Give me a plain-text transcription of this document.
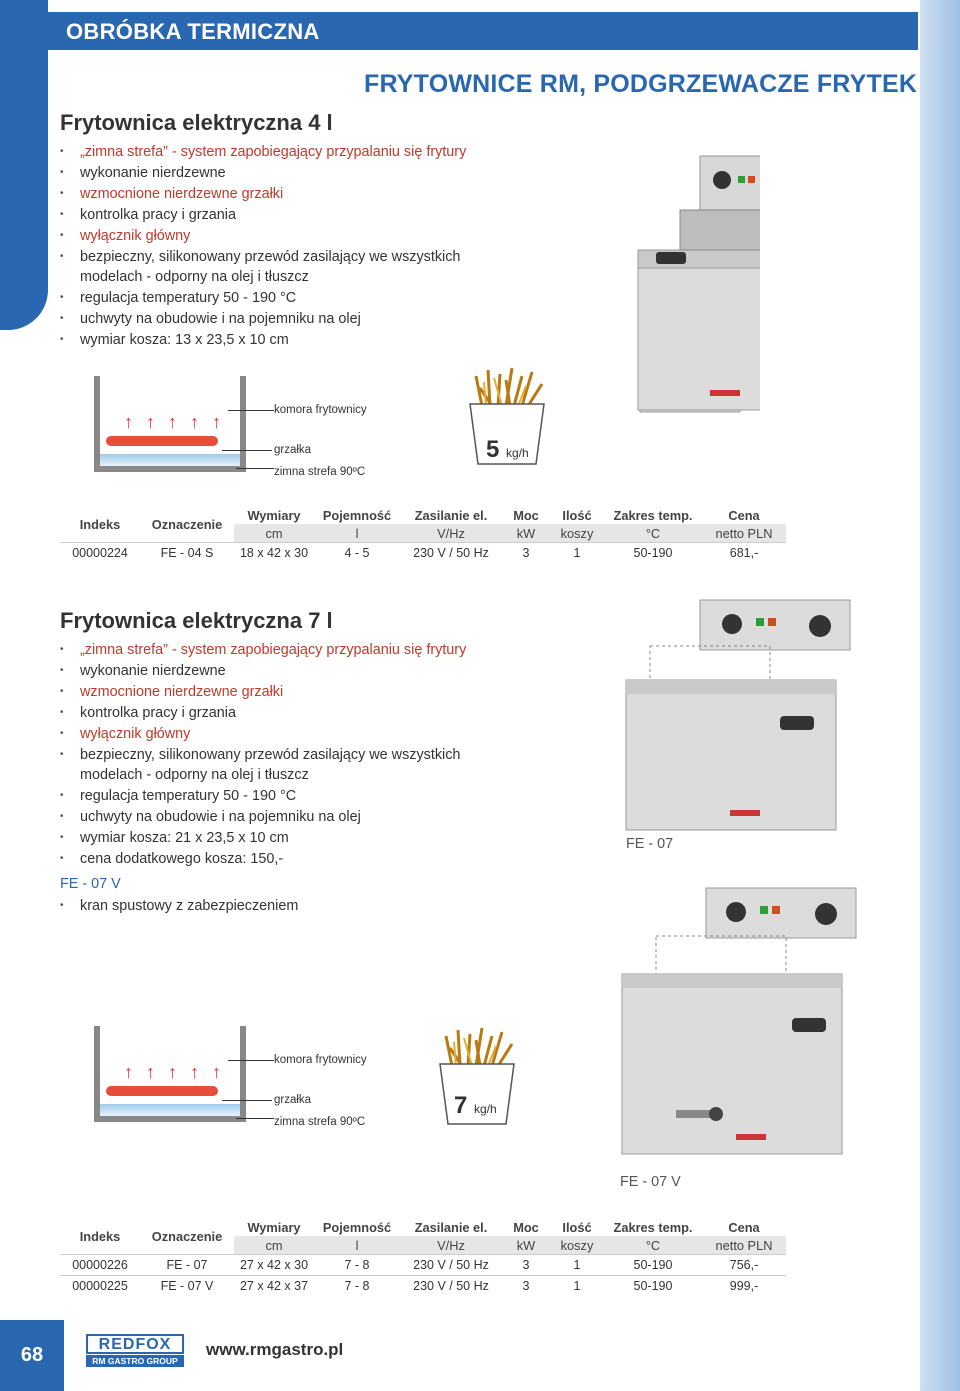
OBRÓBKA TERMICZNA
FRYTOWNICE RM, PODGRZEWACZE FRYTEK
Frytownica elektryczna 4 l
• „zimna strefa” - system zapobiegający przypalaniu się frytury
• wykonanie nierdzewne
• wzmocnione nierdzewne grzałki
• kontrolka pracy i grzania
• wyłącznik główny
• bezpieczny, silikonowany przewód zasilający we wszystkich
modelach - odporny na olej i tłuszcz
• regulacja temperatury 50 - 190 °C
• uchwyty na obudowie i na pojemniku na olej
• wymiar kosza: 13 x 23,5 x 10 cm
↑ ↑ ↑ ↑ ↑
komora frytownicy
grzałka
zimna strefa 90ºC
5 kg/h
Indeks	Oznaczenie	Wymiary	Pojemność	Zasilanie el.	Moc	Ilość	Zakres temp.	Cena
		cm	l	V/Hz	kW	koszy	°C	netto PLN
00000224	FE - 04 S	18 x 42 x 30	4 - 5	230 V / 50 Hz	3	1	50-190	681,-
Frytownica elektryczna 7 l
• „zimna strefa” - system zapobiegający przypalaniu się frytury
• wykonanie nierdzewne
• wzmocnione nierdzewne grzałki
• kontrolka pracy i grzania
• wyłącznik główny
• bezpieczny, silikonowany przewód zasilający we wszystkich
modelach - odporny na olej i tłuszcz
• regulacja temperatury 50 - 190 °C
• uchwyty na obudowie i na pojemniku na olej
• wymiar kosza: 21 x 23,5 x 10 cm
• cena dodatkowego kosza: 150,-
FE - 07 V
• kran spustowy z zabezpieczeniem
FE - 07
FE - 07 V
↑ ↑ ↑ ↑ ↑
komora frytownicy
grzałka
zimna strefa 90ºC
7 kg/h
Indeks	Oznaczenie	Wymiary	Pojemność	Zasilanie el.	Moc	Ilość	Zakres temp.	Cena
		cm	l	V/Hz	kW	koszy	°C	netto PLN
00000226	FE - 07	27 x 42 x 30	7 - 8	230 V / 50 Hz	3	1	50-190	756,-
00000225	FE - 07 V	27 x 42 x 37	7 - 8	230 V / 50 Hz	3	1	50-190	999,-
68	REDFOX
RM GASTRO GROUP
www.rmgastro.pl
